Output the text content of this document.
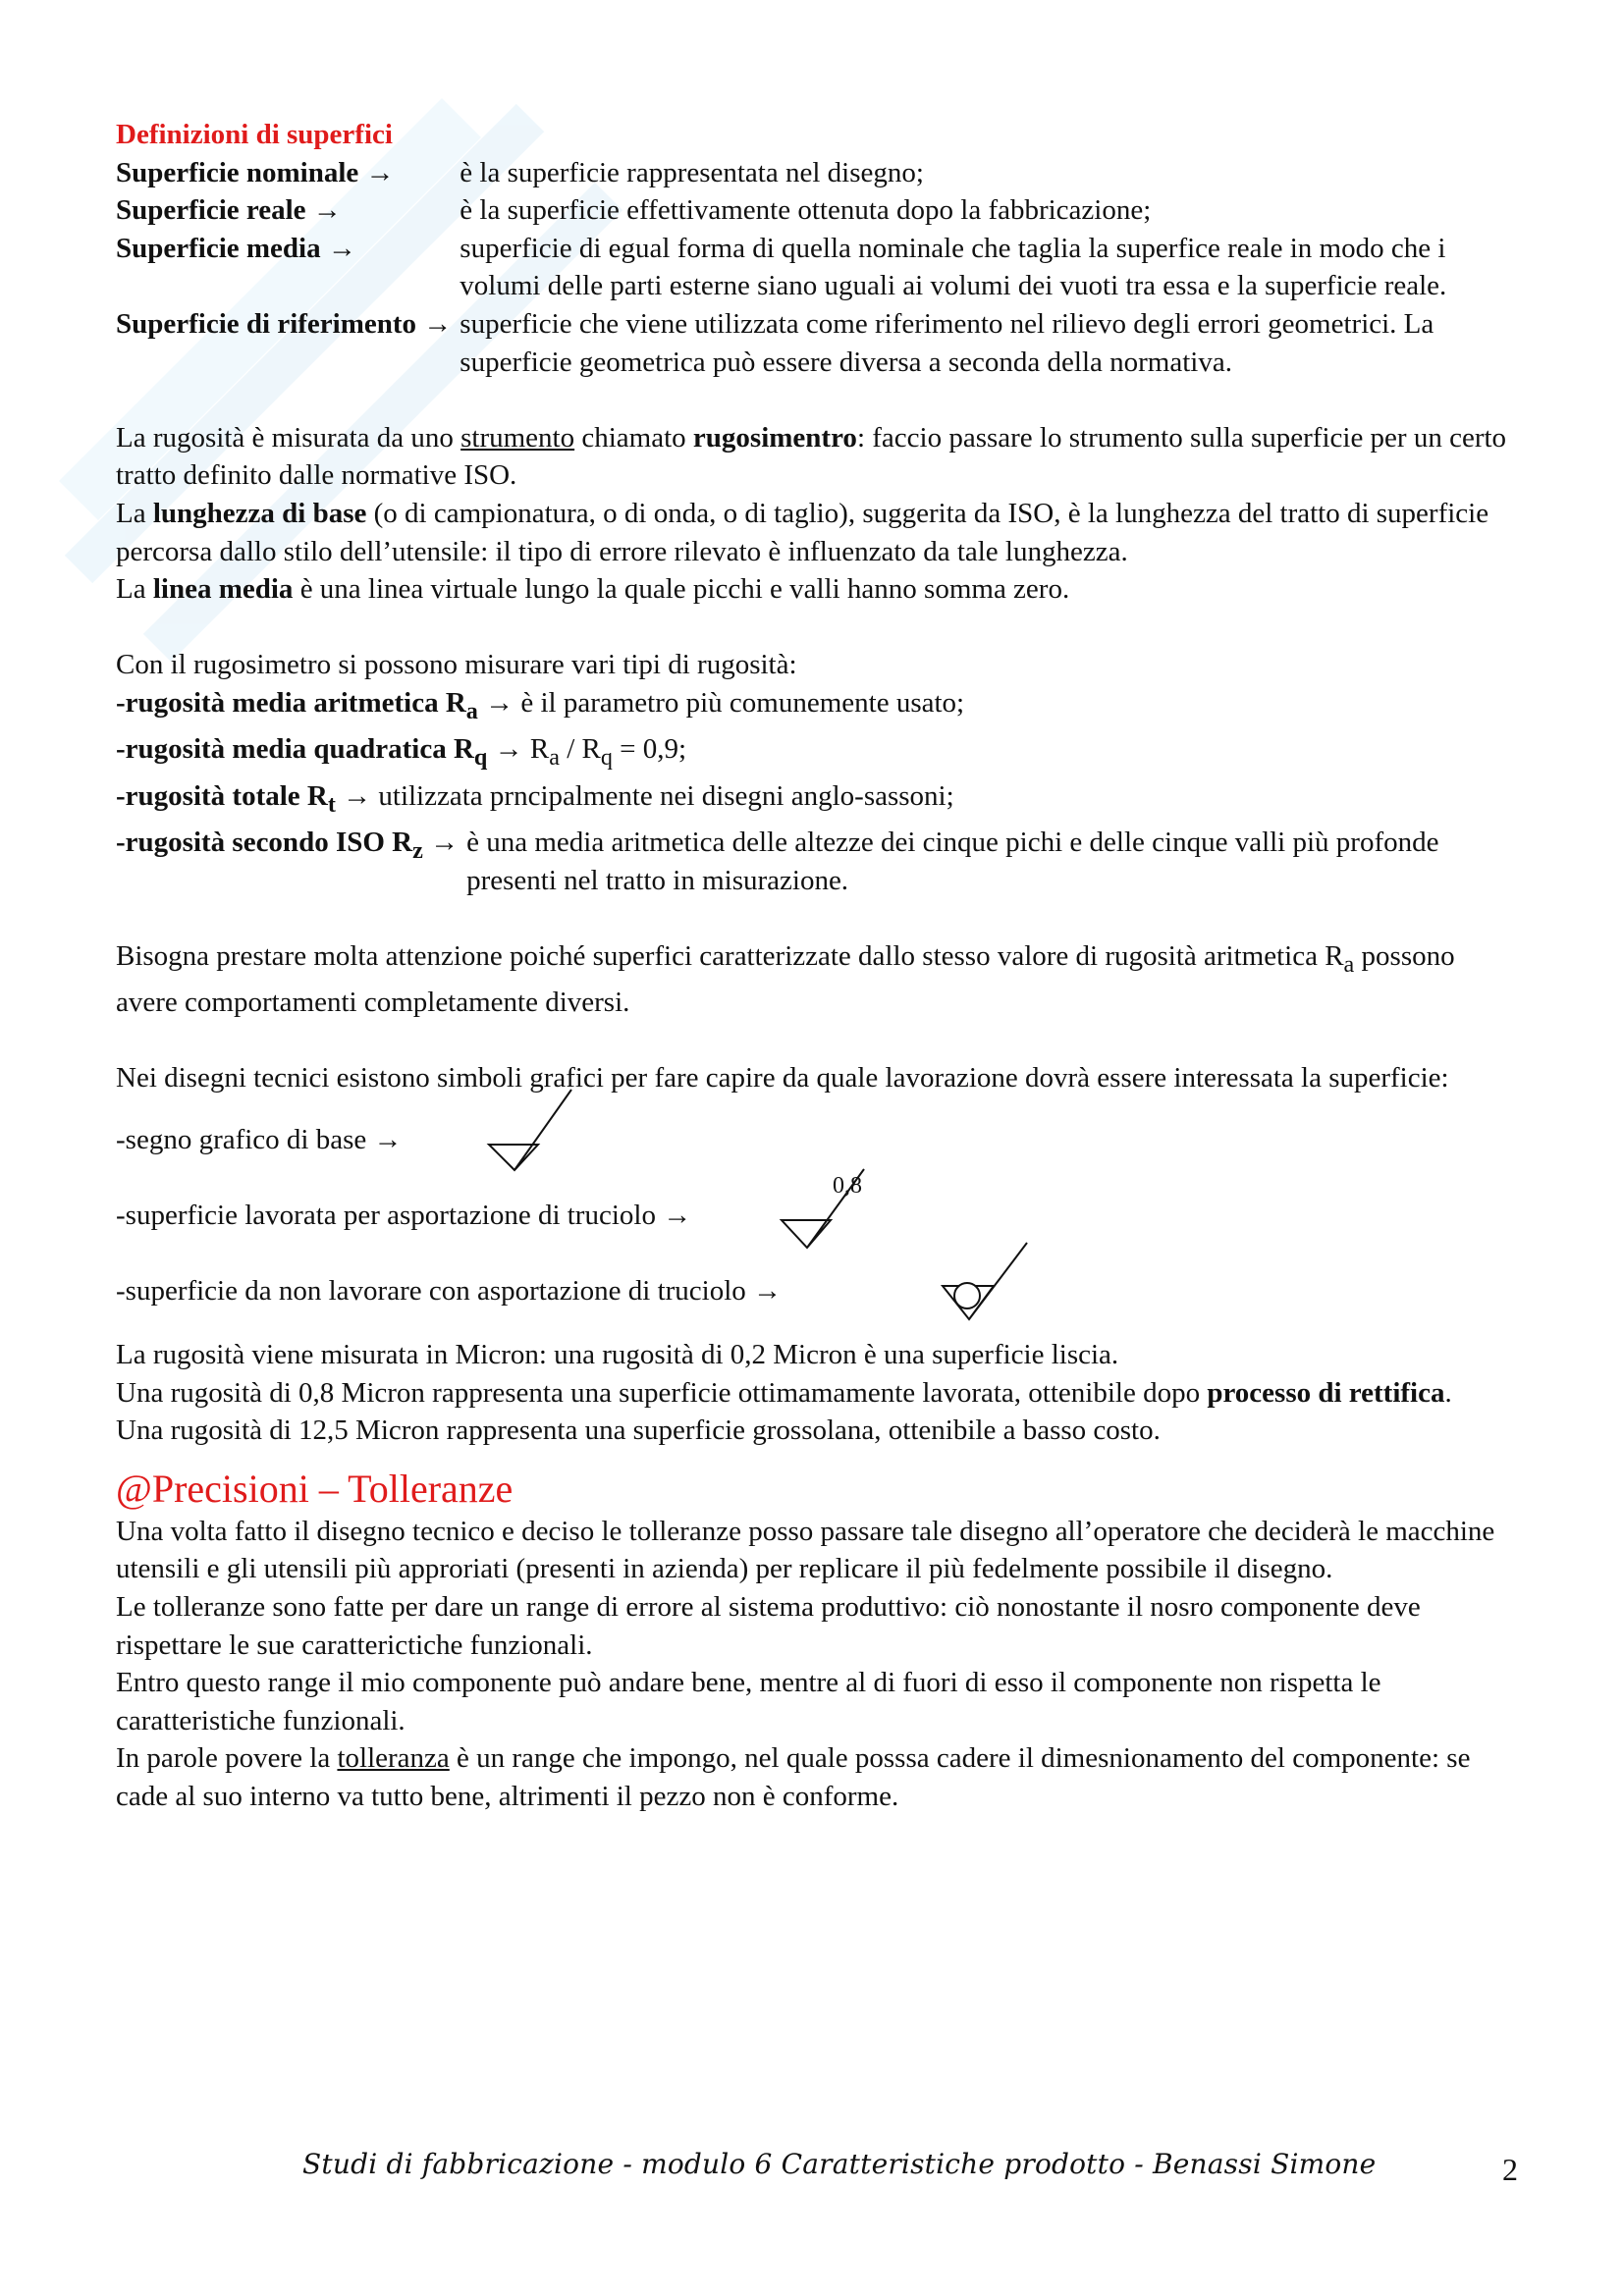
Definizioni di superfici

Superficie nominale →	è la superficie rappresentata nel disegno;
Superficie reale →	è la superficie effettivamente ottenuta dopo la fabbricazione;
Superficie media →	superficie di egual forma di quella nominale che taglia la superfice reale in modo che i volumi delle parti esterne siano uguali ai volumi dei vuoti tra essa e la superficie reale.
Superficie di riferimento → superficie che viene utilizzata come riferimento nel rilievo degli errori geometrici. La superficie geometrica può essere diversa a seconda della normativa.

La rugosità è misurata da uno strumento chiamato rugosimentro: faccio passare lo strumento sulla superficie per un certo tratto definito dalle normative ISO.

La lunghezza di base (o di campionatura, o di onda, o di taglio), suggerita da ISO, è la lunghezza del tratto di superficie percorsa dallo stilo dell’utensile: il tipo di errore rilevato è influenzato da tale lunghezza.

La linea media è una linea virtuale lungo la quale picchi e valli hanno somma zero.

Con il rugosimetro si possono misurare vari tipi di rugosità:

-rugosità media aritmetica $R_a$ → è il parametro più comunemente usato;

-rugosità media quadratica $R_q \to R_a / R_q = 0,9$;

-rugosità totale $R_t$ → utilizzata prncipalmente nei disegni anglo-sassoni;

-rugosità secondo ISO $R_z$ → è una media aritmetica delle altezze dei cinque pichi e delle cinque valli più profonde presenti nel tratto in misurazione.

Bisogna prestare molta attenzione poiché superfici caratterizzate dallo stesso valore di rugosità aritmetica $R_a$ possono avere comportamenti completamente diversi.

Nei disegni tecnici esistono simboli grafici per fare capire da quale lavorazione dovrà essere interessata la superficie:

-segno grafico di base →
-superficie lavorata per asportazione di truciolo →
0,8
-superficie da non lavorare con asportazione di truciolo →

La rugosità viene misurata in Micron: una rugosità di 0,2 Micron è una superficie liscia.

Una rugosità di 0,8 Micron rappresenta una superficie ottimamamente lavorata, ottenibile dopo processo di rettifica.

Una rugosità di 12,5 Micron rappresenta una superficie grossolana, ottenibile a basso costo.

@Precisioni – Tolleranze

Una volta fatto il disegno tecnico e deciso le tolleranze posso passare tale disegno all’operatore che deciderà le macchine utensili e gli utensili più approriati (presenti in azienda) per replicare il più fedelmente possibile il disegno.

Le tolleranze sono fatte per dare un range di errore al sistema produttivo: ciò nonostante il nosro componente deve rispettare le sue caratterictiche funzionali.

Entro questo range il mio componente può andare bene, mentre al di fuori di esso il componente non rispetta le caratteristiche funzionali.

In parole povere la tolleranza è un range che impongo, nel quale posssa cadere il dimesnionamento del componente: se cade al suo interno va tutto bene, altrimenti il pezzo non è conforme.

Studi di fabbricazione - modulo 6 Caratteristiche prodotto - Benassi Simone	2
